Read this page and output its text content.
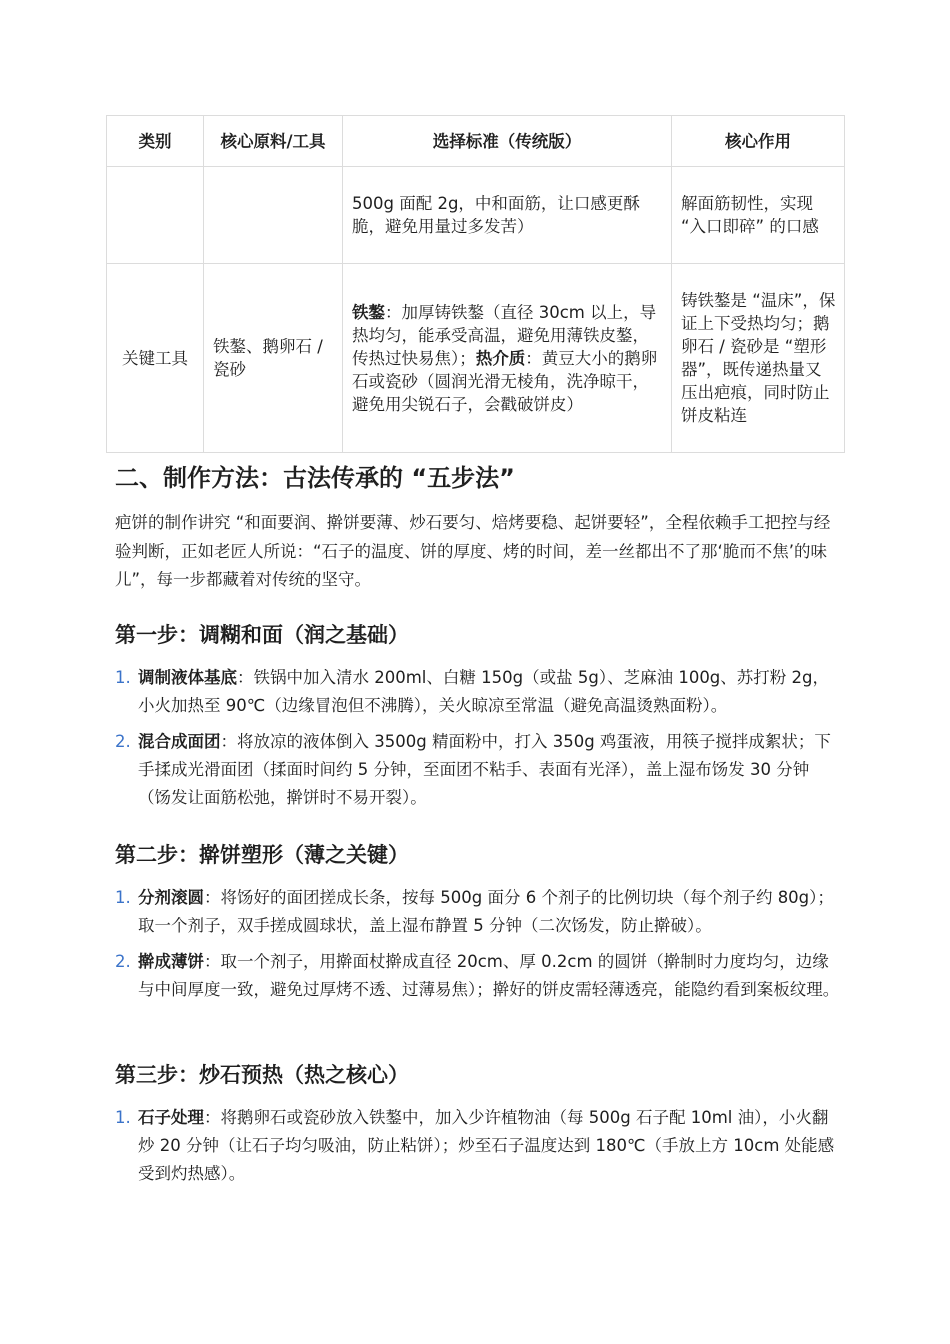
类别	核心原料/工具	选择标准（传统版）	核心作用
		500g 面配 2g，中和面筋，让口感更酥脆，避免用量过多发苦）	解面筋韧性，实现 “入口即碎” 的口感
关键工具	铁鏊、鹅卵石 / 瓷砂	铁鏊：加厚铸铁鏊（直径 30cm 以上，导热均匀，能承受高温，避免用薄铁皮鏊，传热过快易焦）；热介质：黄豆大小的鹅卵石或瓷砂（圆润光滑无棱角，洗净晾干，避免用尖锐石子，会戳破饼皮）	铸铁鏊是 “温床”，保证上下受热均匀；鹅卵石 / 瓷砂是 “塑形器”，既传递热量又压出疤痕，同时防止饼皮粘连
二、制作方法：古法传承的 “五步法”

疤饼的制作讲究 “和面要润、擀饼要薄、炒石要匀、焙烤要稳、起饼要轻”，全程依赖手工把控与经验判断，正如老匠人所说：“石子的温度、饼的厚度、烤的时间，差一丝都出不了那‘脆而不焦’的味儿”，每一步都藏着对传统的坚守。

第一步：调糊和面（润之基础）
1. 调制液体基底：铁锅中加入清水 200ml、白糖 150g（或盐 5g）、芝麻油 100g、苏打粉 2g，小火加热至 90℃（边缘冒泡但不沸腾），关火晾凉至常温（避免高温烫熟面粉）。
2. 混合成面团：将放凉的液体倒入 3500g 精面粉中，打入 350g 鸡蛋液，用筷子搅拌成絮状；下手揉成光滑面团（揉面时间约 5 分钟，至面团不粘手、表面有光泽），盖上湿布饧发 30 分钟（饧发让面筋松弛，擀饼时不易开裂）。
第二步：擀饼塑形（薄之关键）
1. 分剂滚圆：将饧好的面团搓成长条，按每 500g 面分 6 个剂子的比例切块（每个剂子约 80g）；取一个剂子，双手搓成圆球状，盖上湿布静置 5 分钟（二次饧发，防止擀破）。
2. 擀成薄饼：取一个剂子，用擀面杖擀成直径 20cm、厚 0.2cm 的圆饼（擀制时力度均匀，边缘与中间厚度一致，避免过厚烤不透、过薄易焦）；擀好的饼皮需轻薄透亮，能隐约看到案板纹理。
第三步：炒石预热（热之核心）
1. 石子处理：将鹅卵石或瓷砂放入铁鏊中，加入少许植物油（每 500g 石子配 10ml 油），小火翻炒 20 分钟（让石子均匀吸油，防止粘饼）；炒至石子温度达到 180℃（手放上方 10cm 处能感受到灼热感）。
